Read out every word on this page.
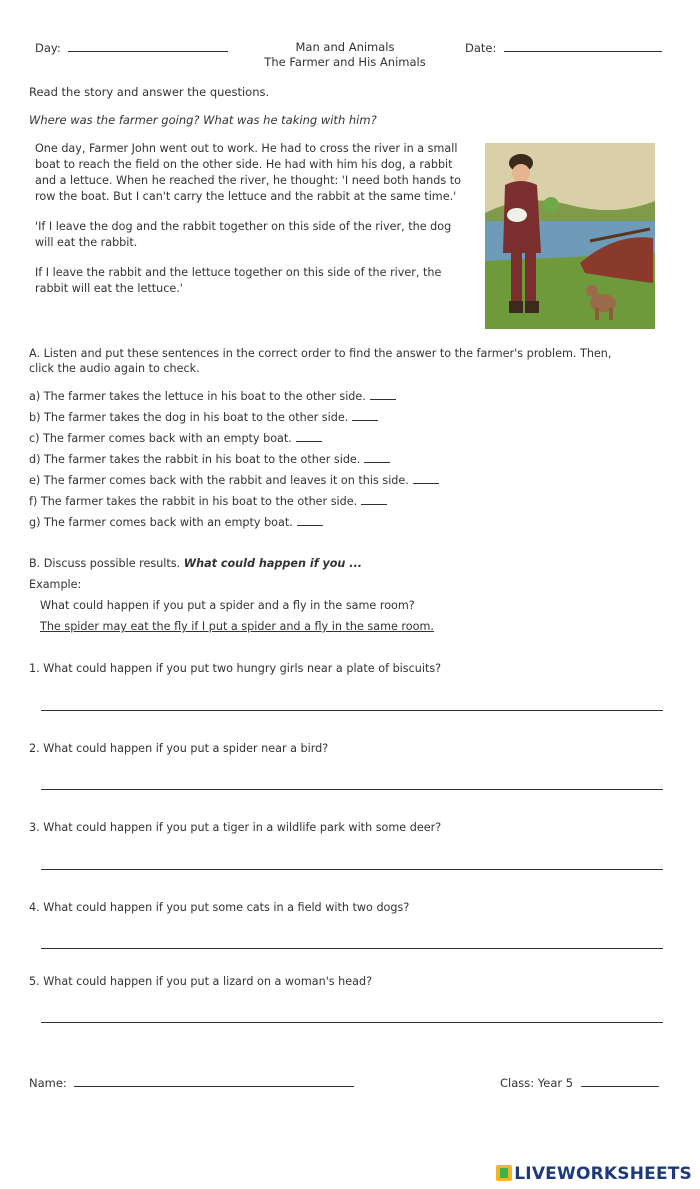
Day:	Man and Animals
The Farmer and His Animals
Date:
Read the story and answer the questions.
Where was the farmer going? What was he taking with him?

One day, Farmer John went out to work. He had to cross the river in a small boat to reach the field on the other side. He had with him his dog, a rabbit and a lettuce. When he reached the river, he thought: 'I need both hands to row the boat. But I can't carry the lettuce and the rabbit at the same time.'

'If I leave the dog and the rabbit together on this side of the river, the dog will eat the rabbit.

If I leave the rabbit and the lettuce together on this side of the river, the rabbit will eat the lettuce.'

A. Listen and put these sentences in the correct order to find the answer to the farmer's problem. Then,
click the audio again to check.
a) The farmer takes the lettuce in his boat to the other side.
b) The farmer takes the dog in his boat to the other side.
c) The farmer comes back with an empty boat.
d) The farmer takes the rabbit in his boat to the other side.
e) The farmer comes back with the rabbit and leaves it on this side.
f) The farmer takes the rabbit in his boat to the other side.
g) The farmer comes back with an empty boat.
B. Discuss possible results. What could happen if you ...
Example:
What could happen if you put a spider and a fly in the same room?
The spider may eat the fly if I put a spider and a fly in the same room.
1. What could happen if you put two hungry girls near a plate of biscuits?
2. What could happen if you put a spider near a bird?
3. What could happen if you put a tiger in a wildlife park with some deer?
4. What could happen if you put some cats in a field with two dogs?
5. What could happen if you put a lizard on a woman's head?
Name:	Class: Year 5
LIVEWORKSHEETS
